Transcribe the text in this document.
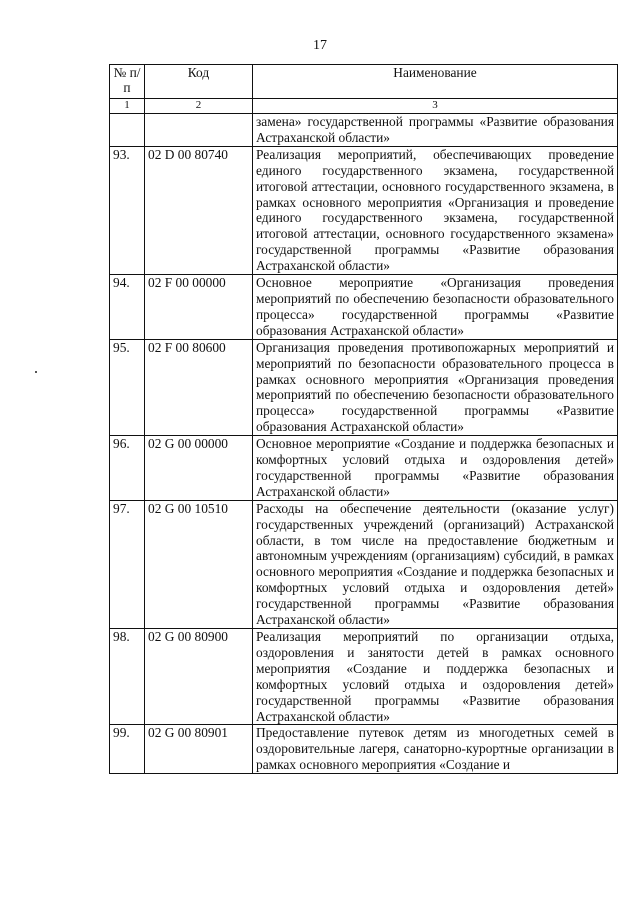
17
№ п/п	Код	Наименование
1	2	3
		замена» государственной программы «Развитие образования Астраханской области»
93.	02 D 00 80740	Реализация мероприятий, обеспечивающих проведение единого государственного экзамена, государственной итоговой аттестации, основного государственного экзамена, в рамках основного мероприятия «Организация и проведение единого государственного экзамена, государственной итоговой аттестации, основного государственного экзамена» государственной программы «Развитие образования Астраханской области»
94.	02 F 00 00000	Основное мероприятие «Организация проведения мероприятий по обеспечению безопасности образовательного процесса» государственной программы «Развитие образования Астраханской области»
95.	02 F 00 80600	Организация проведения противопожарных мероприятий и мероприятий по безопасности образовательного процесса в рамках основного мероприятия «Организация проведения мероприятий по обеспечению безопасности образовательного процесса» государственной программы «Развитие образования Астраханской области»
96.	02 G 00 00000	Основное мероприятие «Создание и поддержка безопасных и комфортных условий отдыха и оздоровления детей» государственной программы «Развитие образования Астраханской области»
97.	02 G 00 10510	Расходы на обеспечение деятельности (оказание услуг) государственных учреждений (организаций) Астраханской области, в том числе на предоставление бюджетным и автономным учреждениям (организациям) субсидий, в рамках основного мероприятия «Создание и поддержка безопасных и комфортных условий отдыха и оздоровления детей» государственной программы «Развитие образования Астраханской области»
98.	02 G 00 80900	Реализация мероприятий по организации отдыха, оздоровления и занятости детей в рамках основного мероприятия «Создание и поддержка безопасных и комфортных условий отдыха и оздоровления детей» государственной программы «Развитие образования Астраханской области»
99.	02 G 00 80901	Предоставление путевок детям из многодетных семей в оздоровительные лагеря, санаторно-курортные организации в рамках основного мероприятия «Создание и
